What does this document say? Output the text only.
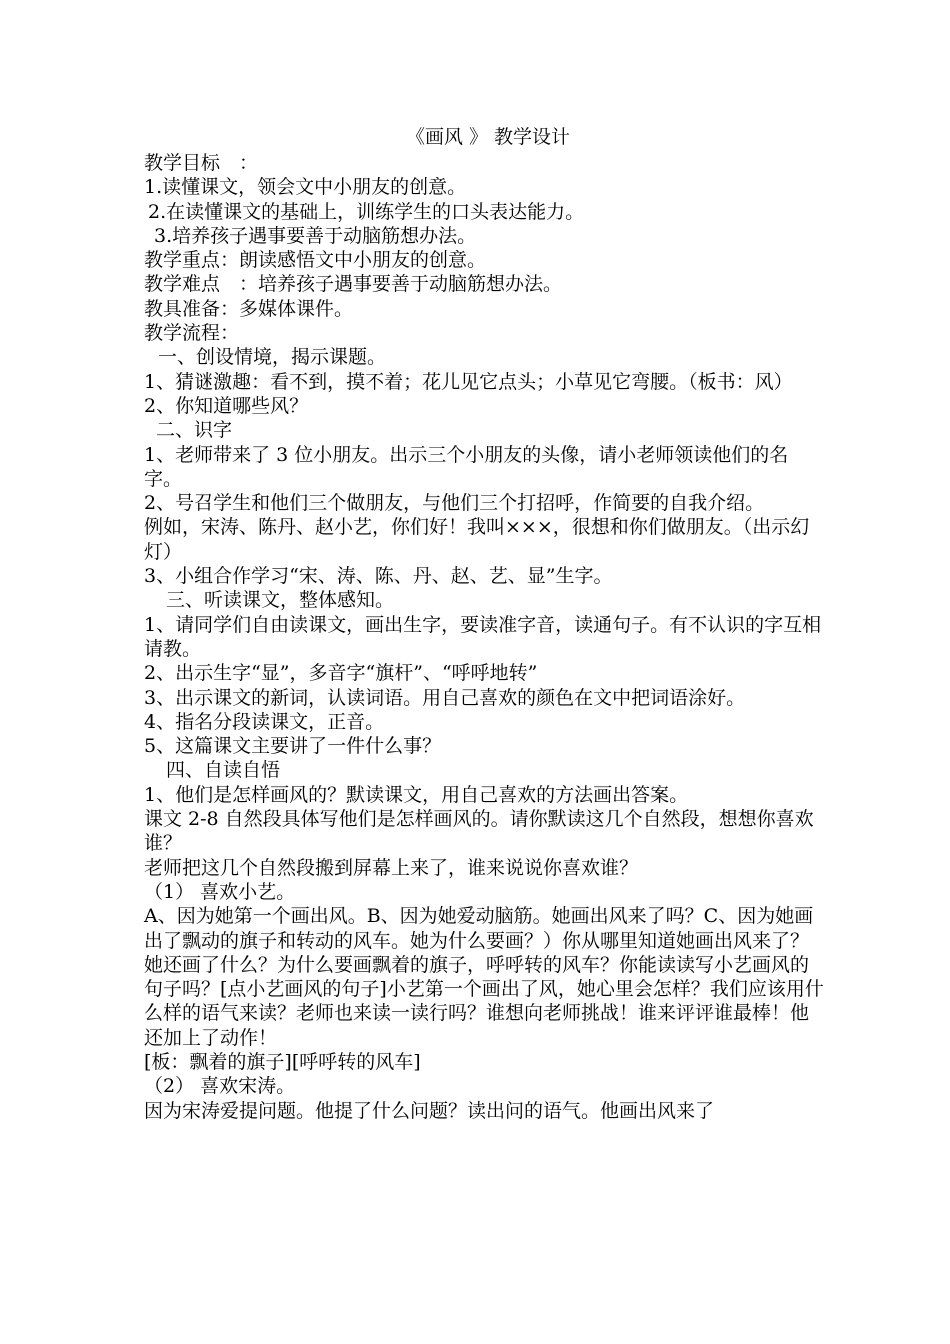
《画风 》 教学设计

教学目标　：

1.读懂课文，领会文中小朋友的创意。

2.在读懂课文的基础上，训练学生的口头表达能力。

3.培养孩子遇事要善于动脑筋想办法。

教学重点：朗读感悟文中小朋友的创意。

教学难点　：培养孩子遇事要善于动脑筋想办法。

教具准备：多媒体课件。

教学流程：

一、创设情境，揭示课题。

1、猜谜激趣：看不到，摸不着；花儿见它点头；小草见它弯腰。（板书：风）

2、你知道哪些风？

二、识字

1、老师带来了 3 位小朋友。出示三个小朋友的头像，请小老师领读他们的名字。

2、号召学生和他们三个做朋友，与他们三个打招呼，作简要的自我介绍。

例如，宋涛、陈丹、赵小艺，你们好！我叫×××，很想和你们做朋友。（出示幻灯）

3、小组合作学习“宋、涛、陈、丹、赵、艺、显”生字。

三、听读课文，整体感知。

1、请同学们自由读课文，画出生字，要读准字音，读通句子。有不认识的字互相请教。

2、出示生字“显”，多音字“旗杆”、“呼呼地转”

3、出示课文的新词，认读词语。用自己喜欢的颜色在文中把词语涂好。

4、指名分段读课文，正音。

5、这篇课文主要讲了一件什么事？

四、自读自悟

1、他们是怎样画风的？默读课文，用自己喜欢的方法画出答案。

课文 2-8 自然段具体写他们是怎样画风的。请你默读这几个自然段，想想你喜欢谁？

老师把这几个自然段搬到屏幕上来了，谁来说说你喜欢谁？

（1） 喜欢小艺。

A、因为她第一个画出风。B、因为她爱动脑筋。她画出风来了吗？C、因为她画出了飘动的旗子和转动的风车。她为什么要画？）你从哪里知道她画出风来了？她还画了什么？为什么要画飘着的旗子，呼呼转的风车？你能读读写小艺画风的句子吗？[点小艺画风的句子]小艺第一个画出了风，她心里会怎样？我们应该用什么样的语气来读？老师也来读一读行吗？谁想向老师挑战！谁来评评谁最棒！他还加上了动作！

[板：飘着的旗子][呼呼转的风车]

（2） 喜欢宋涛。

因为宋涛爱提问题。他提了什么问题？读出问的语气。他画出风来了
